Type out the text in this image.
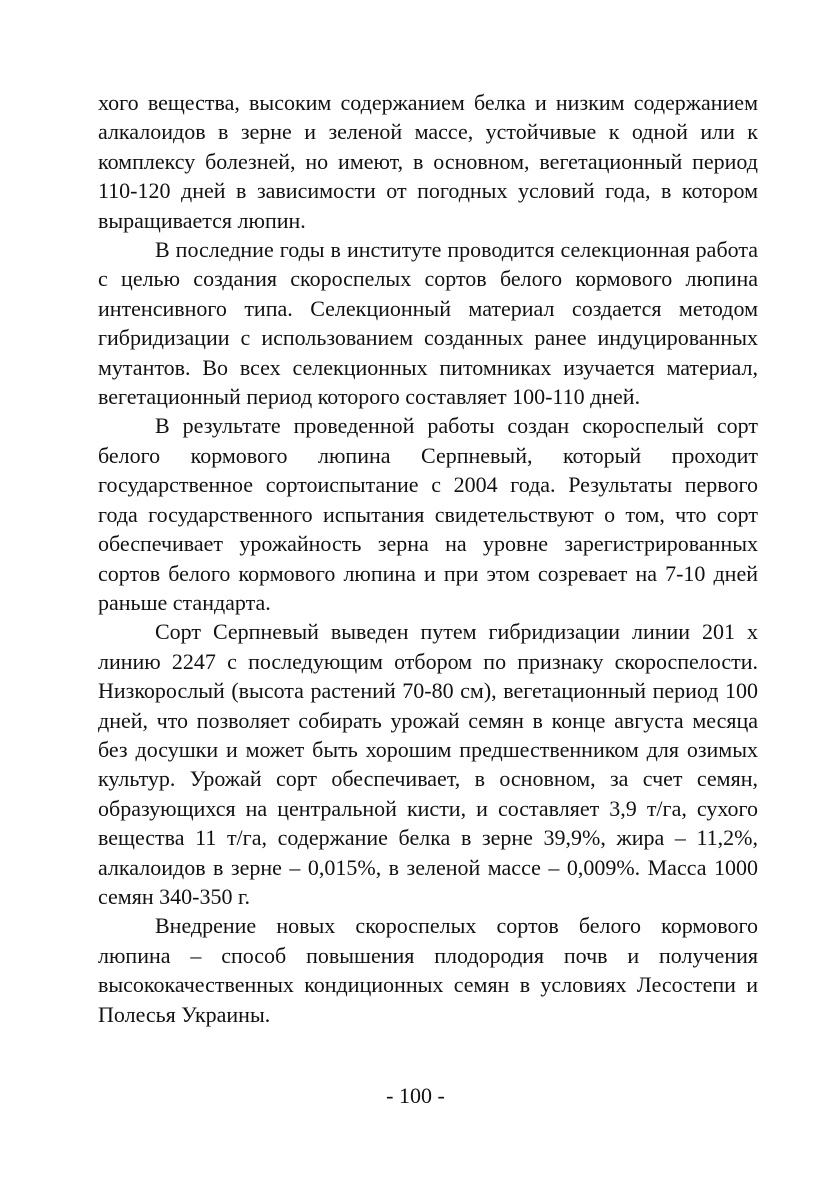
хого вещества, высоким содержанием белка и низким содержанием алкалоидов в зерне и зеленой массе, устойчивые к одной или к комплексу болезней, но имеют, в основном, вегетационный период 110-120 дней в зависимости от погодных условий года, в котором выращивается люпин.

В последние годы в институте проводится селекционная работа с целью создания скороспелых сортов белого кормового люпина интенсивного типа. Селекционный материал создается методом гибридизации с использованием созданных ранее индуцированных мутантов. Во всех селекционных питомниках изучается материал, вегетационный период которого составляет 100-110 дней.

В результате проведенной работы создан скороспелый сорт белого кормового люпина Серпневый, который проходит государственное сортоиспытание с 2004 года. Результаты первого года государственного испытания свидетельствуют о том, что сорт обеспечивает урожайность зерна на уровне зарегистрированных сортов белого кормового люпина и при этом созревает на 7-10 дней раньше стандарта.

Сорт Серпневый выведен путем гибридизации линии 201 х линию 2247 с последующим отбором по признаку скороспелости. Низкорослый (высота растений 70-80 см), вегетационный период 100 дней, что позволяет собирать урожай семян в конце августа месяца без досушки и может быть хорошим предшественником для озимых культур. Урожай сорт обеспечивает, в основном, за счет семян, образующихся на центральной кисти, и составляет 3,9 т/га, сухого вещества 11 т/га, содержание белка в зерне 39,9%, жира – 11,2%, алкалоидов в зерне – 0,015%, в зеленой массе – 0,009%. Масса 1000 семян 340-350 г.

Внедрение новых скороспелых сортов белого кормового люпина – способ повышения плодородия почв и получения высококачественных кондиционных семян в условиях Лесостепи и Полесья Украины.

- 100 -
